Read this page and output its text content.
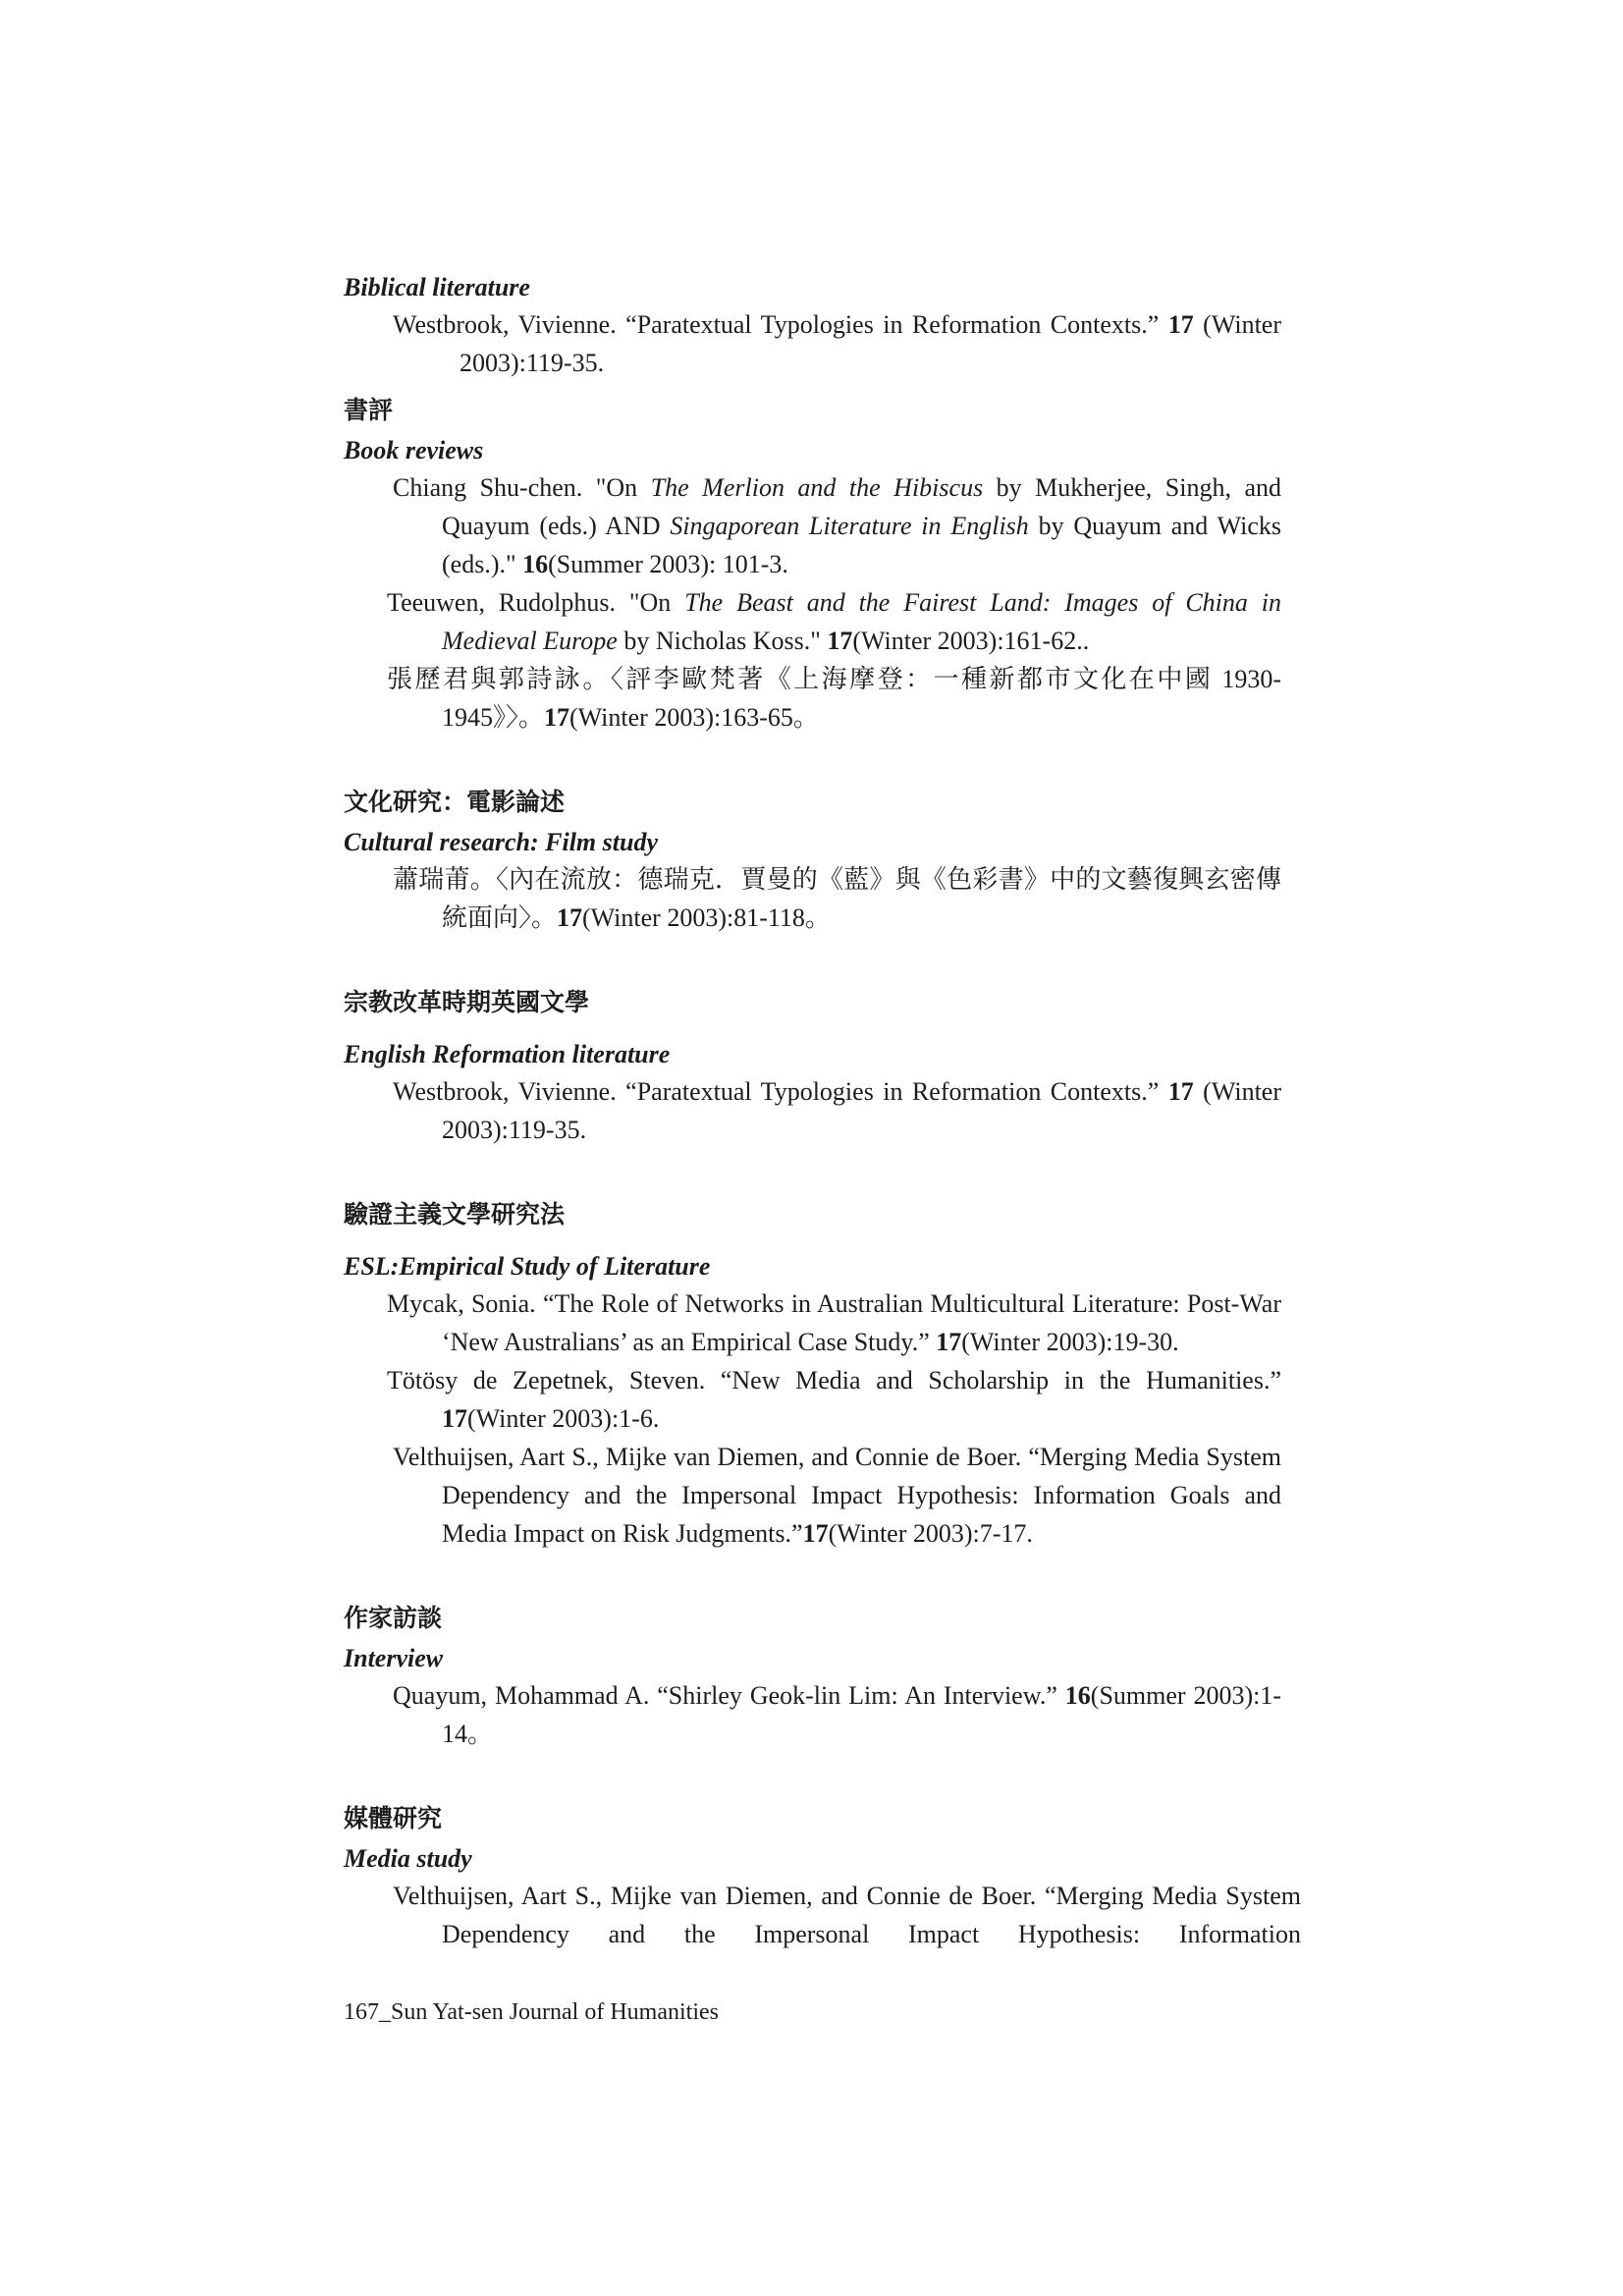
Biblical literature

Westbrook, Vivienne. “Paratextual Typologies in Reformation Contexts.” 17 (Winter 2003):119-35.

書評

Book reviews

Chiang Shu-chen. "On The Merlion and the Hibiscus by Mukherjee, Singh, and Quayum (eds.) AND Singaporean Literature in English by Quayum and Wicks (eds.)." 16(Summer 2003): 101-3.

Teeuwen, Rudolphus. "On The Beast and the Fairest Land: Images of China in Medieval Europe by Nicholas Koss." 17(Winter 2003):161-62..

張歷君與郭詩詠。〈評李歐梵著《上海摩登：一種新都市文化在中國 1930-1945》〉。17(Winter 2003):163-65。

文化研究：電影論述

Cultural research: Film study

蕭瑞莆。〈內在流放：德瑞克．賈曼的《藍》與《色彩書》中的文藝復興玄密傳統面向〉。17(Winter 2003):81-118。

宗教改革時期英國文學

English Reformation literature

Westbrook, Vivienne. “Paratextual Typologies in Reformation Contexts.” 17 (Winter 2003):119-35.

驗證主義文學研究法

ESL:Empirical Study of Literature

Mycak, Sonia. “The Role of Networks in Australian Multicultural Literature: Post-War ‘New Australians’ as an Empirical Case Study.” 17(Winter 2003):19-30.

Tötösy de Zepetnek, Steven. “New Media and Scholarship in the Humanities.” 17(Winter 2003):1-6.

Velthuijsen, Aart S., Mijke van Diemen, and Connie de Boer. “Merging Media System Dependency and the Impersonal Impact Hypothesis: Information Goals and Media Impact on Risk Judgments.”17(Winter 2003):7-17.

作家訪談

Interview

Quayum, Mohammad A. “Shirley Geok-lin Lim: An Interview.” 16(Summer 2003):1-14。

媒體研究

Media study

Velthuijsen, Aart S., Mijke van Diemen, and Connie de Boer. “Merging Media System Dependency and the Impersonal Impact Hypothesis: Information

167_Sun Yat-sen Journal of Humanities
